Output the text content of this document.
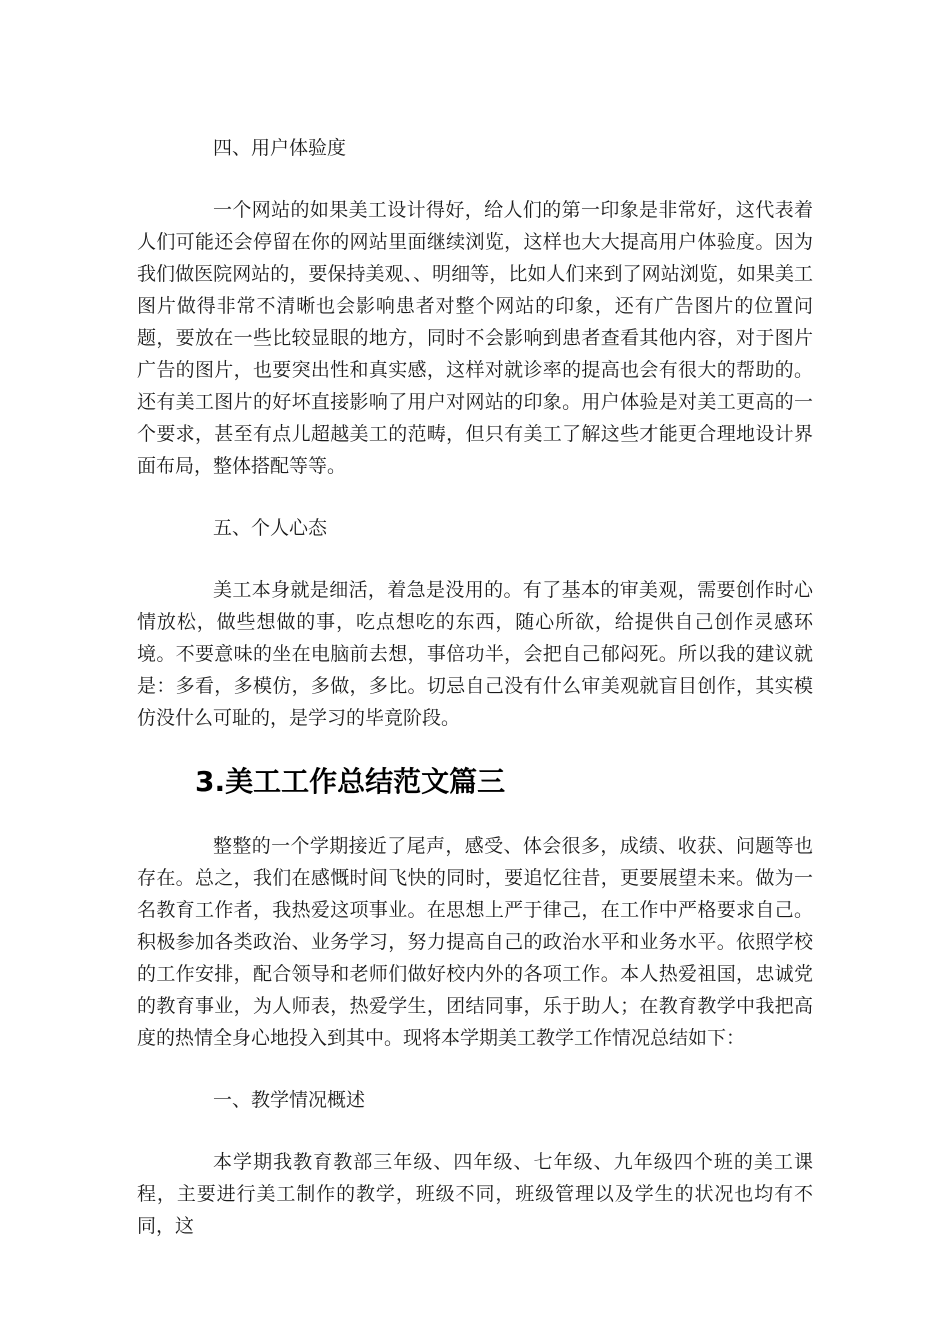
四、用户体验度

一个网站的如果美工设计得好，给人们的第一印象是非常好，这代表着人们可能还会停留在你的网站里面继续浏览，这样也大大提高用户体验度。因为我们做医院网站的，要保持美观、、明细等，比如人们来到了网站浏览，如果美工图片做得非常不清晰也会影响患者对整个网站的印象，还有广告图片的位置问题，要放在一些比较显眼的地方，同时不会影响到患者查看其他内容，对于图片广告的图片，也要突出性和真实感，这样对就诊率的提高也会有很大的帮助的。还有美工图片的好坏直接影响了用户对网站的印象。用户体验是对美工更高的一个要求，甚至有点儿超越美工的范畴，但只有美工了解这些才能更合理地设计界面布局，整体搭配等等。

五、个人心态

美工本身就是细活，着急是没用的。有了基本的审美观，需要创作时心情放松，做些想做的事，吃点想吃的东西，随心所欲，给提供自己创作灵感环境。不要意味的坐在电脑前去想，事倍功半，会把自己郁闷死。所以我的建议就是：多看，多模仿，多做，多比。切忌自己没有什么审美观就盲目创作，其实模仿没什么可耻的，是学习的毕竟阶段。

3.美工工作总结范文篇三

整整的一个学期接近了尾声，感受、体会很多，成绩、收获、问题等也存在。总之，我们在感慨时间飞快的同时，要追忆往昔，更要展望未来。做为一名教育工作者，我热爱这项事业。在思想上严于律己，在工作中严格要求自己。积极参加各类政治、业务学习，努力提高自己的政治水平和业务水平。依照学校的工作安排，配合领导和老师们做好校内外的各项工作。本人热爱祖国，忠诚党的教育事业，为人师表，热爱学生，团结同事，乐于助人；在教育教学中我把高度的热情全身心地投入到其中。现将本学期美工教学工作情况总结如下：

一、教学情况概述

本学期我教育教部三年级、四年级、七年级、九年级四个班的美工课程，主要进行美工制作的教学，班级不同，班级管理以及学生的状况也均有不同，这
